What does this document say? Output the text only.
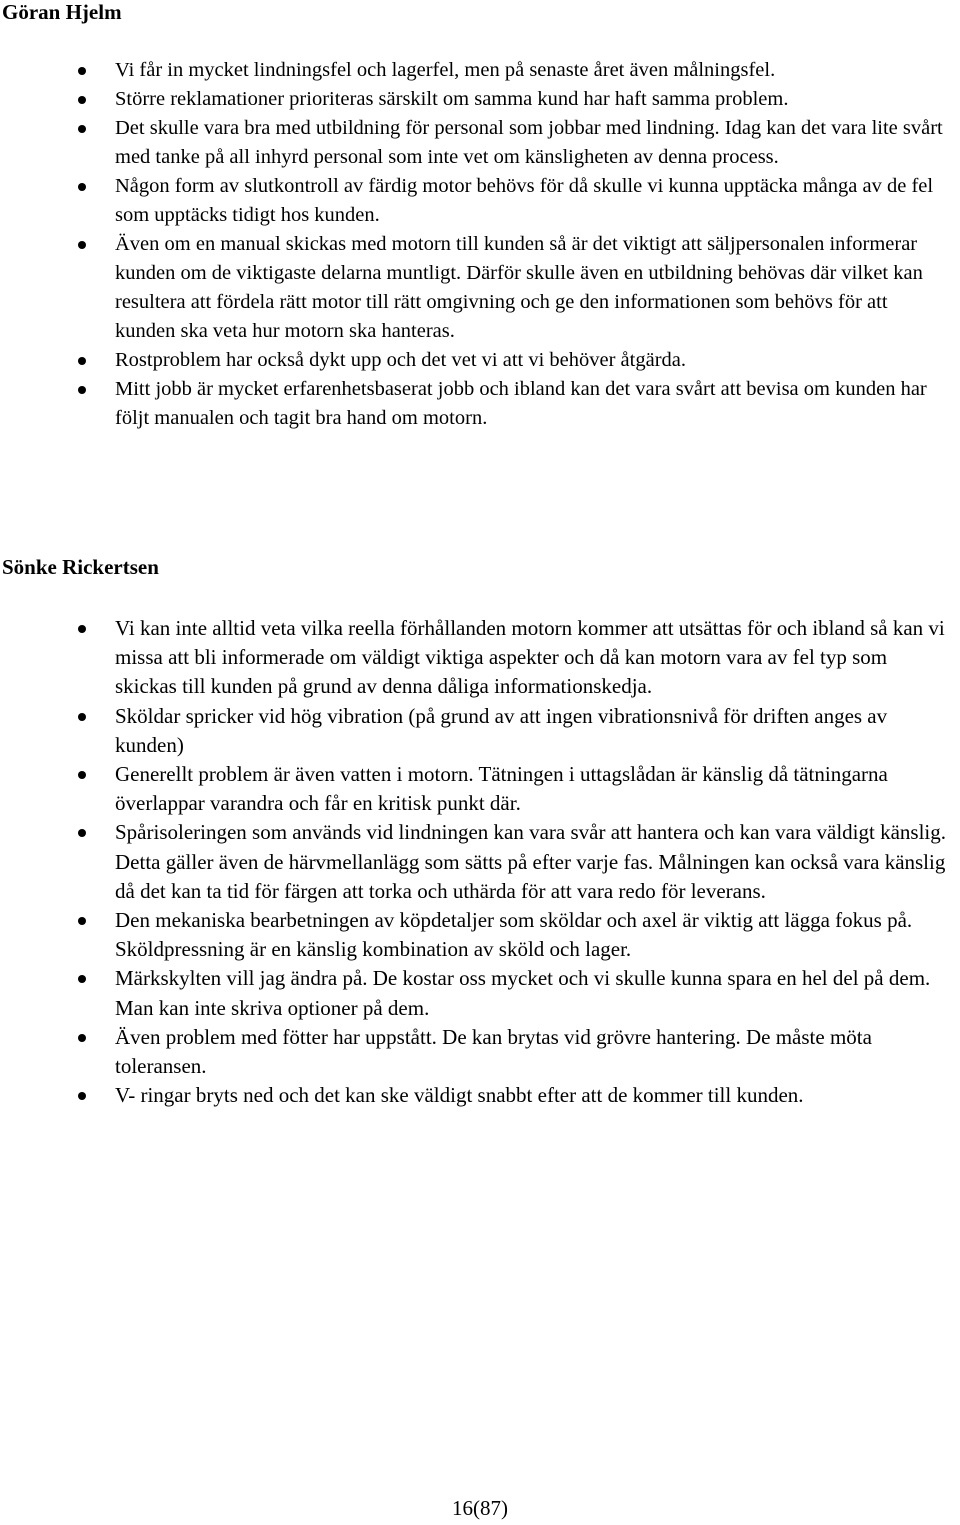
Göran Hjelm
Vi får in mycket lindningsfel och lagerfel, men på senaste året även målningsfel.
Större reklamationer prioriteras särskilt om samma kund har haft samma problem.
Det skulle vara bra med utbildning för personal som jobbar med lindning. Idag kan det vara lite svårt med tanke på all inhyrd personal som inte vet om känsligheten av denna process.
Någon form av slutkontroll av färdig motor behövs för då skulle vi kunna upptäcka många av de fel som upptäcks tidigt hos kunden.
Även om en manual skickas med motorn till kunden så är det viktigt att säljpersonalen informerar kunden om de viktigaste delarna muntligt. Därför skulle även en utbildning behövas där vilket kan resultera att fördela rätt motor till rätt omgivning och ge den informationen som behövs för att kunden ska veta hur motorn ska hanteras.
Rostproblem har också dykt upp och det vet vi att vi behöver åtgärda.
Mitt jobb är mycket erfarenhetsbaserat jobb och ibland kan det vara svårt att bevisa om kunden har följt manualen och tagit bra hand om motorn.
Sönke Rickertsen
Vi kan inte alltid veta vilka reella förhållanden motorn kommer att utsättas för och ibland så kan vi missa att bli informerade om väldigt viktiga aspekter och då kan motorn vara av fel typ som skickas till kunden på grund av denna dåliga informationskedja.
Sköldar spricker vid hög vibration (på grund av att ingen vibrationsnivå för driften anges av kunden)
Generellt problem är även vatten i motorn. Tätningen i uttagslådan är känslig då tätningarna överlappar varandra och får en kritisk punkt där.
Spårisoleringen som används vid lindningen kan vara svår att hantera och kan vara väldigt känslig. Detta gäller även de härvmellanlägg som sätts på efter varje fas. Målningen kan också vara känslig då det kan ta tid för färgen att torka och uthärda för att vara redo för leverans.
Den mekaniska bearbetningen av köpdetaljer som sköldar och axel är viktig att lägga fokus på. Sköldpressning är en känslig kombination av sköld och lager.
Märkskylten vill jag ändra på. De kostar oss mycket och vi skulle kunna spara en hel del på dem. Man kan inte skriva optioner på dem.
Även problem med fötter har uppstått. De kan brytas vid grövre hantering. De måste möta toleransen.
V- ringar bryts ned och det kan ske väldigt snabbt efter att de kommer till kunden.
16(87)
